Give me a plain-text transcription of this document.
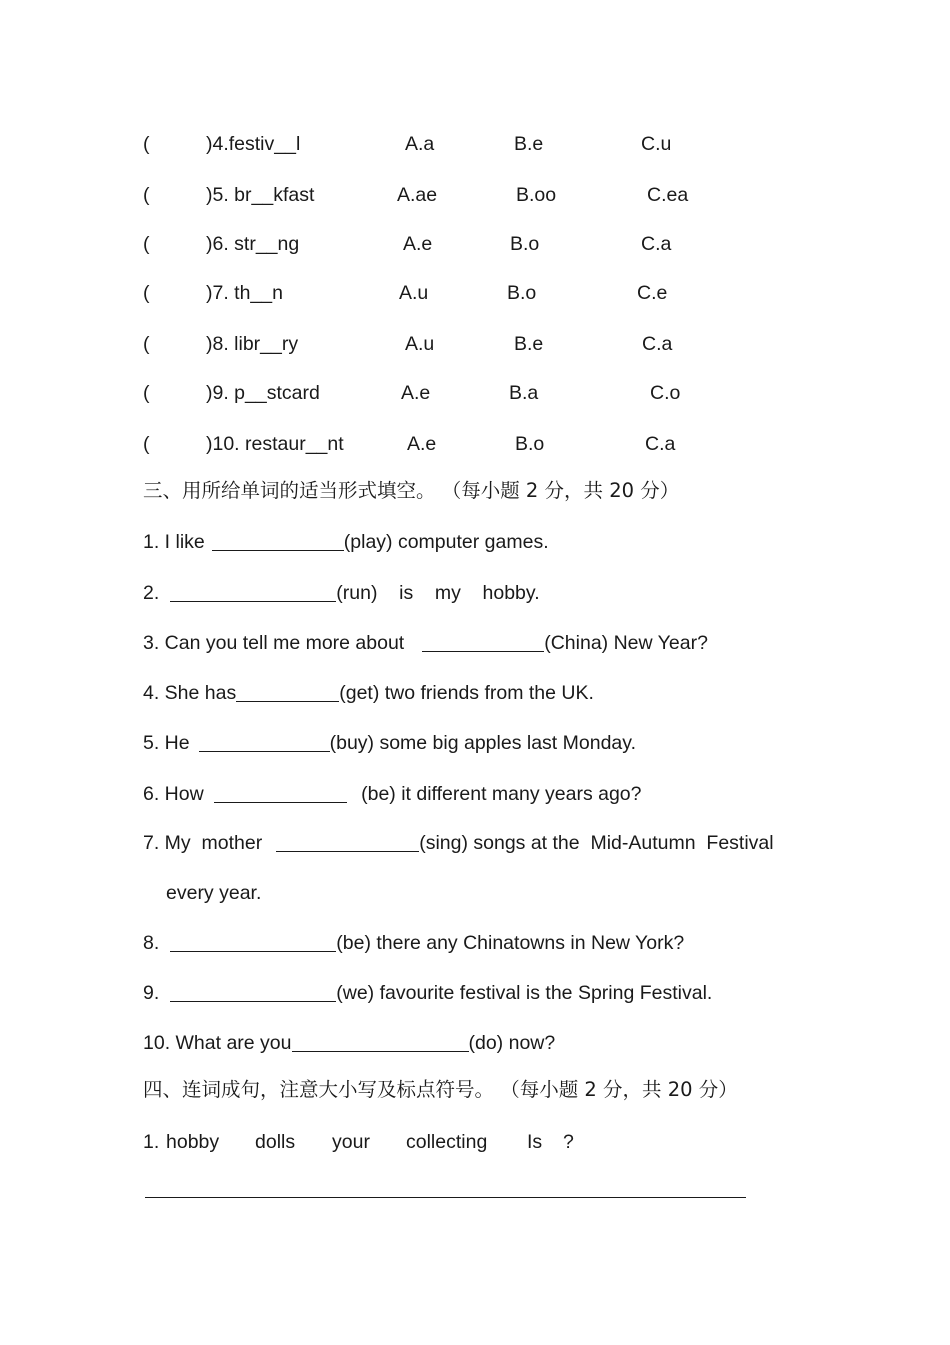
(	)4.festiv__l	A.a	B.e	C.u
(	)5. br__kfast	A.ae	B.oo	C.ea
(	)6. str__ng	A.e	B.o	C.a
(	)7. th__n	A.u	B.o	C.e
(	)8. libr__ry	A.u	B.e	C.a
(	)9. p__stcard	A.e	B.a	C.o
(	)10. restaur__nt	A.e	B.o	C.a
三、用所给单词的适当形式填空。 （每小题 2 分，共 20 分）
1. I like	(play) computer games.
2.	(run)    is    my    hobby.
3. Can you tell me more about	(China) New Year?
4. She has	(get) two friends from the UK.
5. He	(buy) some big apples last Monday.
6. How	(be) it different many years ago?
7. My  mother	(sing) songs at the  Mid-Autumn  Festival
every year.
8.	(be) there any Chinatowns in New York?
9.	(we) favourite festival is the Spring Festival.
10. What are you	(do) now?
四、连词成句，注意大小写及标点符号。 （每小题 2 分，共 20 分）
1. hobby dolls your collecting Is ?
